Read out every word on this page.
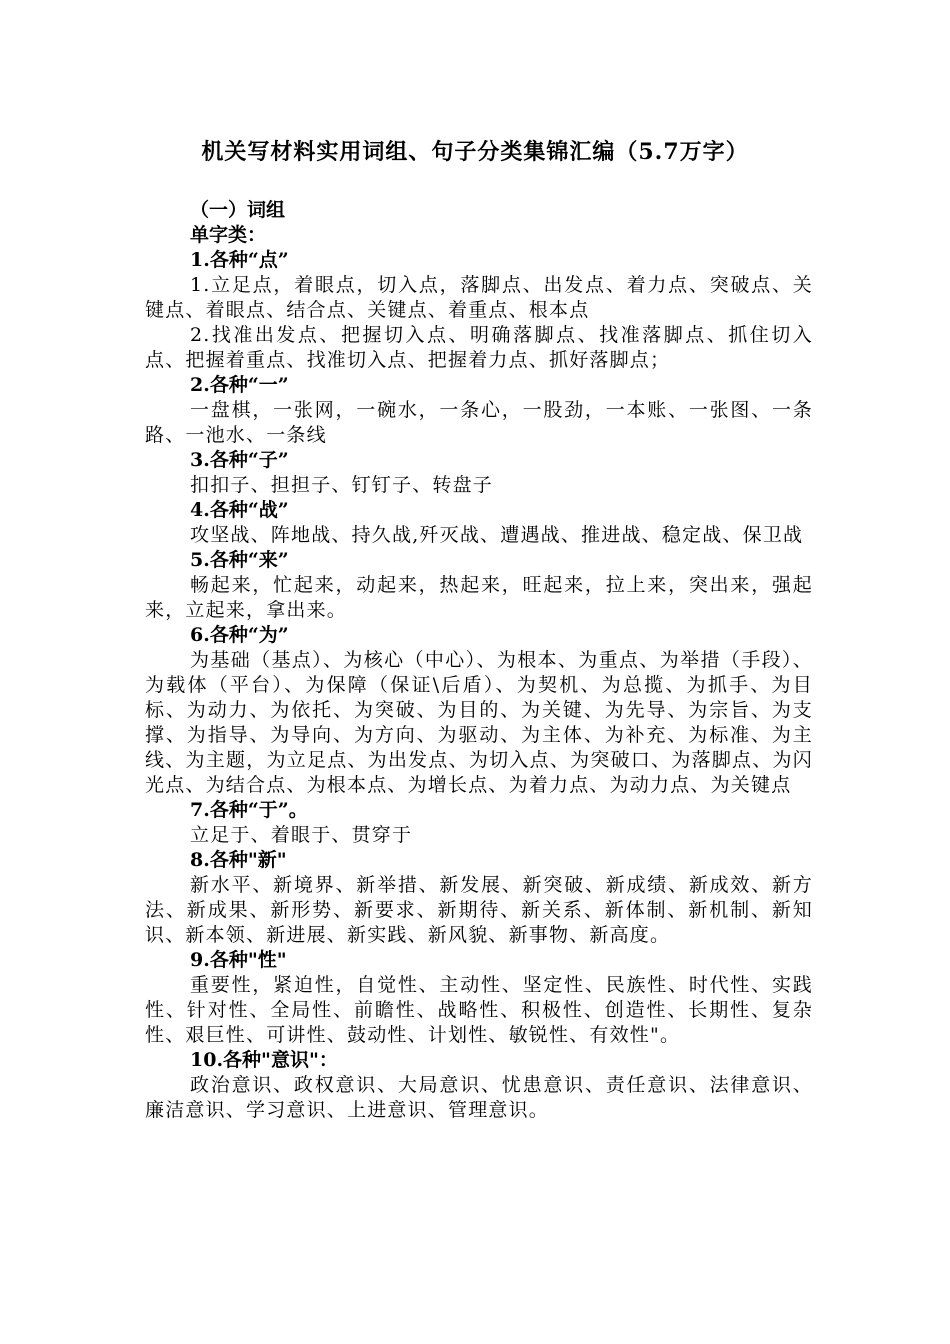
机关写材料实用词组、句子分类集锦汇编（5.7万字）

（一）词组

单字类：

1.各种“点”

1.立足点，着眼点，切入点，落脚点、出发点、着力点、突破点、关键点、着眼点、结合点、关键点、着重点、根本点

2.找准出发点、把握切入点、明确落脚点、找准落脚点、抓住切入点、把握着重点、找准切入点、把握着力点、抓好落脚点；

2.各种“一”

一盘棋，一张网，一碗水，一条心，一股劲，一本账、一张图、一条路、一池水、一条线

3.各种“子”

扣扣子、担担子、钉钉子、转盘子

4.各种“战”

攻坚战、阵地战、持久战,歼灭战、遭遇战、推进战、稳定战、保卫战

5.各种“来”

畅起来，忙起来，动起来，热起来，旺起来，拉上来，突出来，强起来，立起来，拿出来。

6.各种“为”

为基础（基点）、为核心（中心）、为根本、为重点、为举措（手段）、为载体（平台）、为保障（保证\后盾）、为契机、为总揽、为抓手、为目标、为动力、为依托、为突破、为目的、为关键、为先导、为宗旨、为支撑、为指导、为导向、为方向、为驱动、为主体、为补充、为标准、为主线、为主题，为立足点、为出发点、为切入点、为突破口、为落脚点、为闪光点、为结合点、为根本点、为增长点、为着力点、为动力点、为关键点

7.各种“于”。

立足于、着眼于、贯穿于

8.各种"新"

新水平、新境界、新举措、新发展、新突破、新成绩、新成效、新方法、新成果、新形势、新要求、新期待、新关系、新体制、新机制、新知识、新本领、新进展、新实践、新风貌、新事物、新高度。

9.各种"性"

重要性，紧迫性，自觉性、主动性、坚定性、民族性、时代性、实践性、针对性、全局性、前瞻性、战略性、积极性、创造性、长期性、复杂性、艰巨性、可讲性、鼓动性、计划性、敏锐性、有效性"。

10.各种"意识"：

政治意识、政权意识、大局意识、忧患意识、责任意识、法律意识、廉洁意识、学习意识、上进意识、管理意识。
